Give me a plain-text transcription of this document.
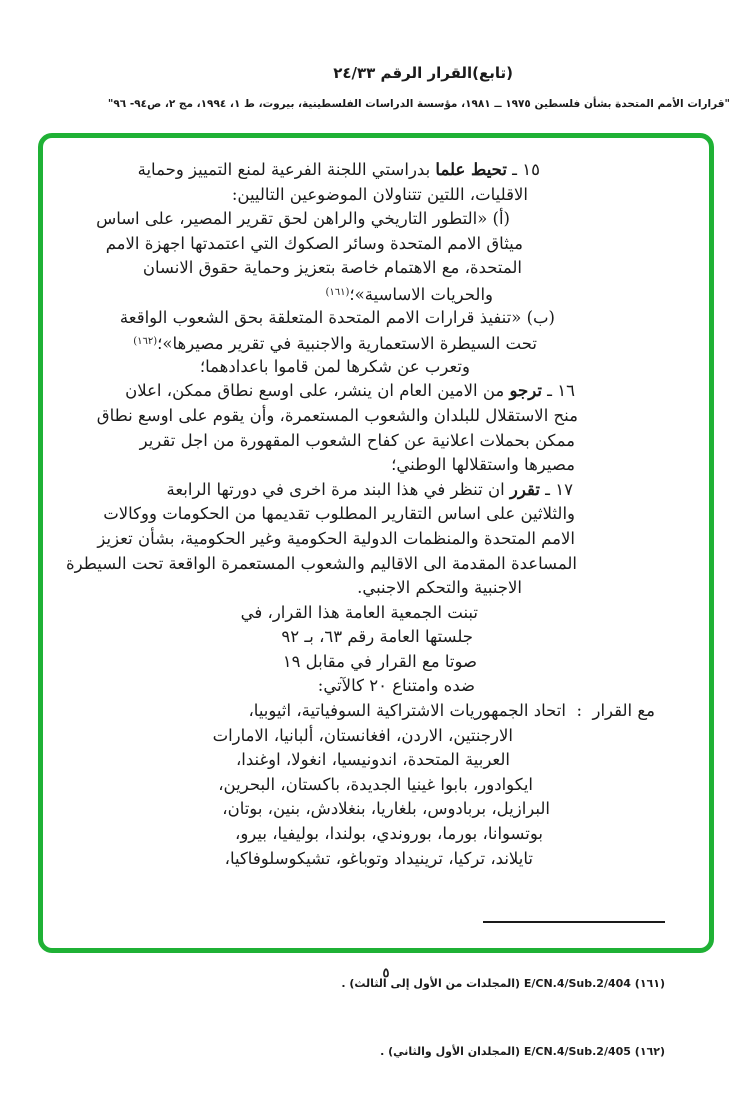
(تابع)القرار الرقم ٢٤/٣٣
"قرارات الأمم المتحدة بشأن فلسطين ١٩٧٥ ــ ١٩٨١، مؤسسة الدراسات الفلسطينية، بيروت، ط ١، ١٩٩٤، مج ٢، ص٩٤- ٩٦"
١٥ ـ تحيط علما بدراستي اللجنة الفرعية لمنع التمييز وحماية
الاقليات، اللتين تتناولان الموضوعين التاليين:
(أ) «التطور التاريخي والراهن لحق تقرير المصير، على اساس
ميثاق الامم المتحدة وسائر الصكوك التي اعتمدتها اجهزة الامم
المتحدة، مع الاهتمام خاصة بتعزيز وحماية حقوق الانسان
والحريات الاساسية»؛$^{(١٦١)}$
(ب) «تنفيذ قرارات الامم المتحدة المتعلقة بحق الشعوب الواقعة
تحت السيطرة الاستعمارية والاجنبية في تقرير مصيرها»؛$^{(١٦٢)}$
وتعرب عن شكرها لمن قاموا باعدادهما؛
١٦ ـ ترجو من الامين العام ان ينشر، على اوسع نطاق ممكن، اعلان
منح الاستقلال للبلدان والشعوب المستعمرة، وأن يقوم على اوسع نطاق
ممكن بحملات اعلانية عن كفاح الشعوب المقهورة من اجل تقرير
مصيرها واستقلالها الوطني؛
١٧ ـ تقرر ان تنظر في هذا البند مرة اخرى في دورتها الرابعة
والثلاثين على اساس التقارير المطلوب تقديمها من الحكومات ووكالات
الامم المتحدة والمنظمات الدولية الحكومية وغير الحكومية، بشأن تعزيز
المساعدة المقدمة الى الاقاليم والشعوب المستعمرة الواقعة تحت السيطرة
الاجنبية والتحكم الاجنبي.
تبنت الجمعية العامة هذا القرار، في
جلستها العامة رقم ٦٣، بـ ٩٢
صوتا مع القرار في مقابل ١٩
ضده وامتناع ٢٠ كالآتي:
مع القرار  :  اتحاد الجمهوريات الاشتراكية السوفياتية، اثيوبيا،
الارجنتين، الاردن، افغانستان، ألبانيا، الامارات
العربية المتحدة، اندونيسيا، انغولا، اوغندا،
ايكوادور، بابوا غينيا الجديدة، باكستان، البحرين،
البرازيل، بربادوس، بلغاريا، بنغلادش، بنين، بوتان،
بوتسوانا، بورما، بوروندي، بولندا، بوليفيا، بيرو،
تايلاند، تركيا، ترينيداد وتوباغو، تشيكوسلوفاكيا،

(١٦١) E/CN.4/Sub.2/404 (المجلدات من الأول إلى الثالث) .

(١٦٢) E/CN.4/Sub.2/405 (المجلدان الأول والثاني) .

٥
